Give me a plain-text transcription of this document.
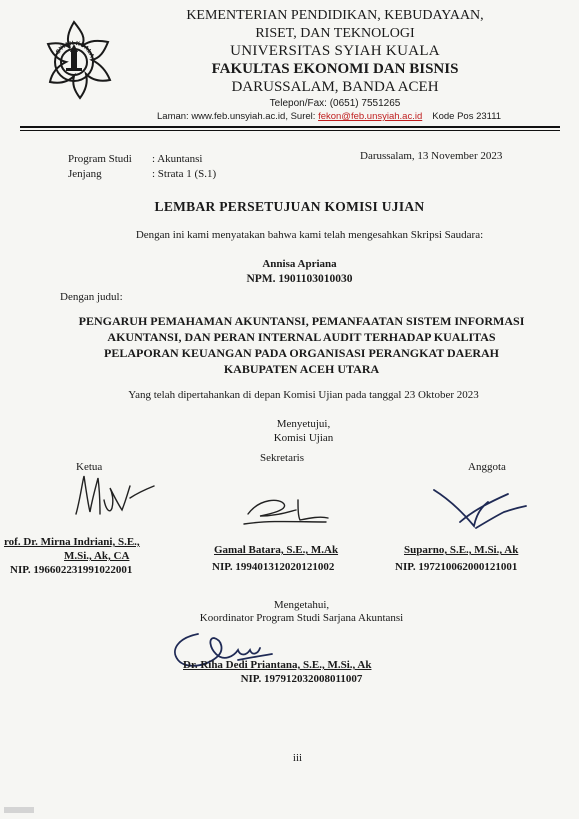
SYIAH KUALA
KEMENTERIAN PENDIDIKAN, KEBUDAYAAN,
RISET, DAN TEKNOLOGI
UNIVERSITAS SYIAH KUALA
FAKULTAS EKONOMI DAN BISNIS
DARUSSALAM, BANDA ACEH
Telepon/Fax: (0651) 7551265
Laman: www.feb.unsyiah.ac.id, Surel: fekon@feb.unsyiah.ac.id Kode Pos 23111
Program Studi : Akuntansi
Jenjang	: Strata 1 (S.1)
Darussalam, 13 November 2023
LEMBAR PERSETUJUAN KOMISI UJIAN
Dengan ini kami menyatakan bahwa kami telah mengesahkan Skripsi Saudara:
Annisa Apriana
NPM. 1901103010030
Dengan judul:
PENGARUH PEMAHAMAN AKUNTANSI, PEMANFAATAN SISTEM INFORMASI
AKUNTANSI, DAN PERAN INTERNAL AUDIT TERHADAP KUALITAS
PELAPORAN KEUANGAN PADA ORGANISASI PERANGKAT DAERAH
KABUPATEN ACEH UTARA
Yang telah dipertahankan di depan Komisi Ujian pada tanggal 23 Oktober 2023
Menyetujui,
Komisi Ujian
Ketua
Sekretaris
Anggota
rof. Dr. Mirna Indriani, S.E.,
M.Si., Ak, CA
NIP. 196602231991022001
Gamal Batara, S.E., M.Ak
NIP. 199401312020121002
Suparno, S.E., M.Si., Ak
NIP. 197210062000121001
Mengetahui,
Koordinator Program Studi Sarjana Akuntansi
Dr. Riha Dedi Priantana, S.E., M.Si., Ak
NIP. 197912032008011007
iii
